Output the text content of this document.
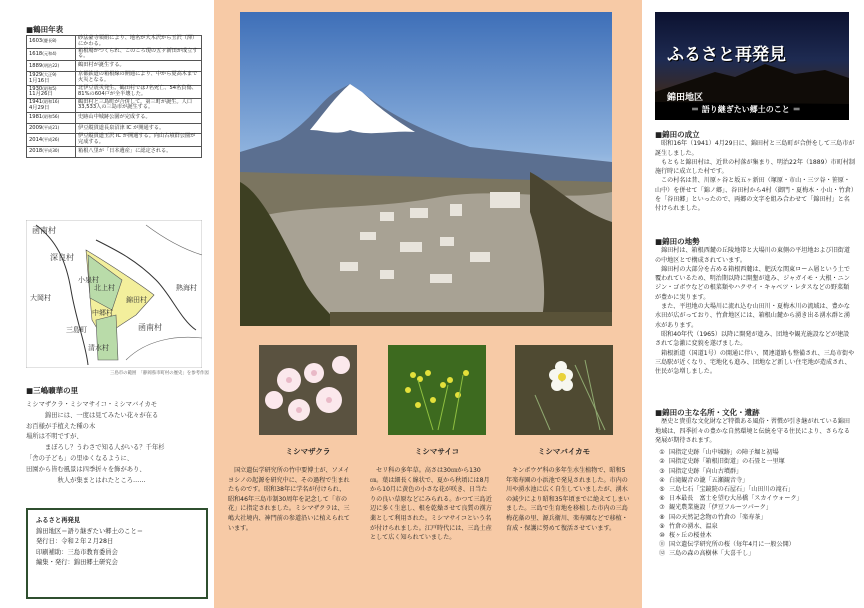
■鶴田年表
1603(慶長8)	砂法豪寺領組により、地名が大木沢から玉沢（澤）にかわる。
1618(元和4)	箱根場がつくられ、このころ現の五ヶ新田が成立する。
1889(明治22)	鶴田村が誕生する。
1929(大正9)
1月16日	京都鉄道の箱根線の開通により、中から夏高木まで火災となる。
1930(昭和5)
11月26日	北伊豆震災発生。鶴田村では7名死亡、54名負傷、81%の604戸が全半壊した。
1941(昭和16)
4月29日	鶴田村と三島町が合併して、第三町が誕生。人口33,533人の三島市が誕生する。
1981(昭和56)	史跡山中城跡公園が完成する。
2009(平成21)	伊豆縦貫道長泉沼津 IC が開通する。
2014(平成26)	伊豆縦貫道玉沢 IC が開通する。向山古墳群公園が完成する。
2018(平成30)	箱根八里が「日本遺産」に認定される。
函南村
深良村
小泉村
北上村
錦田村
中郷村
三島町
清水村
大岡村
函南村
熱海村
三島市の範囲　「静岡県市町村の歴史」を参考作図
■三嶋曠華の里
ミシマザクラ・ミシマサイコ・ミシマバイカモ
　　　錦田には、一度は見てみたい花々が在る
お百様が手植えた種の木
場所は不明ですが、
　　　まぼろし？うわさで知る人がいる？千年杉
「舎の子ども」の里ゆくなるように、
田園から皆む風景は四季折々を飾があり、
　　　　　秋人が集まとはれたところ……
ふるさと再発見
錦田地区＝語り継ぎたい郷土のこと＝
発行日：令和２年２月28日
印刷補助：三島市教育委員会
編集・発行：錦田郷土研究会
ミシマザクラ	ミシマサイコ	ミシマバイカモ
国立遺伝学研究所の竹中要博士が、ソメイヨシノの起源を研究中に、その過程で生まれたものです。昭和38年に学名が付けられ、昭和46年三島市制30周年を記念して「市の花」に指定されました。ミシマザクラは、三嶋大社境内、神門前の参道沿いに植えられています。
セリ科の多年草。高さは30㎝から130㎝。葉は細長く線状で、夏から秋頃には8月から10月に黄色の小さな花が咲き、日当たりの良い草原などにみられる。かつて三島近辺に多く生息し、根を乾燥させて良質の漢方薬として利用された。ミシマサイコという名が付けられました。江戸時代には、三島土産として広く知られていました。
キンポウゲ科の多年生水生植物で、昭和5年楽寿園の小浜池で発見されました。市内の川や湧水池に広く自生していましたが、湧水の減少により昭和35年頃までに絶えてしまいました。三島で生育地を移植した市内の三島梅花藻の里、源兵衛川、楽寿園などで移植・育成・保護に努めて復活させています。
ふるさと再発見
錦田地区
＝ 語り継ぎたい郷土のこと ＝
■錦田の成立

昭和16年（1941）4月29日に、錦田村と三島町が合併をして三島市が誕生しました。

もともと錦田村は、近世の村落が集まり、明治22年（1889）市町村制施行時に成立した村です。

この村名は昔、川原ヶ谷と坂五ヶ新田（塚原・市山・三ツ谷・笹原・山中）を併せて「錦ノ郷」、谷田村から4村（御門・夏梅木・小山・竹倉）を「谷田郷」といったので、両郷の文字を組み合わせて「錦田村」と名付けられました。

■錦田の地勢

錦田村は、箱根西麓の丘陵地帯と大場川の東側の平坦地および旧街道の中地区とで構成されています。

錦田村の大部分を占める箱根西麓は、肥沃な関東ローム層という土で覆われているため、明治期以降に開墾が進み、ジャガイモ・大根・ニンジン・ゴボウなどの根菜類やハクサイ・キャベツ・レタスなどの野菜類が豊かに実ります。

また、平坦地の大場川に流れ込む山田川・夏梅木川の流域は、豊かな水田が広がっており、竹倉地区には、箱根山麓から湧き出る湧水群と湧水があります。

昭和40年代（1965）以降に開発が進み、団地や観光施設などが建設されて急激に変貌を遂げました。

箱根新道（国道1号）の開通に伴い、関連道路も整備され、三島市街や三島駅が近くなり、宅地化も進み、団地など新しい住宅地が造成され、住民が急増しました。

■錦田の主な名所・文化・遺跡

歴史と貴重な文化財など特徴ある風俗・習慣が引き継がれている錦田地域は、四季折々の豊かな自然環境と伝統を守る住民により、さらなる発展が期待されます。

① 国指定史跡「山中城跡」の障子堀と初場
② 国指定史跡「箱根旧街道」の石畳と一里塚
③ 国指定史跡「向山古墳群」
④ 白滝観音の瀧「五瀬観音寺」
⑤ 三島七石「宝鏡院の石屋石」「山田川の滝石」
⑥ 日本最長　富士を望む大吊橋「スカイウォーク」
⑦ 観光農業施設「伊豆フルーツパーク」
⑧ 国の天然記念物の竹倉の「楽寿茶」
⑨ 竹倉の湧水、温泉
⑩ 桜ヶ丘の桜並木
⑪ 国立遺伝学研究所の桜（毎年4月に一般公開）
⑫ 三島の森の高樹林「大喜千し」
